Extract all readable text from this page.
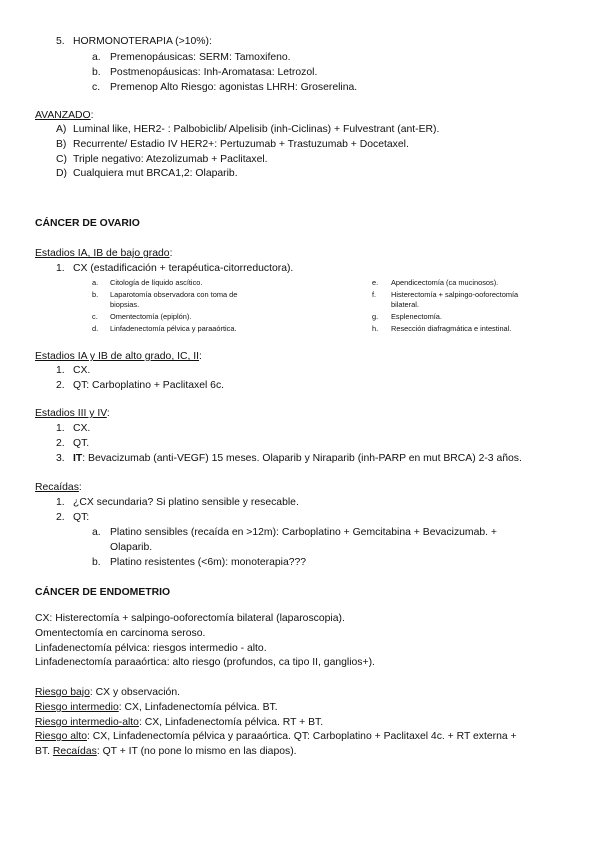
5. HORMONOTERAPIA (>10%):
a. Premenopáusicas: SERM: Tamoxifeno.
b. Postmenopáusicas: Inh-Aromatasa: Letrozol.
c. Premenop Alto Riesgo: agonistas LHRH: Groserelina.
AVANZADO:
A) Luminal like, HER2- : Palbobiclib/ Alpelisib (inh-Ciclinas) + Fulvestrant (ant-ER).
B) Recurrente/ Estadio IV HER2+: Pertuzumab + Trastuzumab + Docetaxel.
C) Triple negativo: Atezolizumab + Paclitaxel.
D) Cualquiera mut BRCA1,2: Olaparib.
CÁNCER DE OVARIO
Estadios IA, IB de bajo grado:
1. CX (estadificación + terapéutica-citorreductora).
a. Citología de líquido ascítico.
b. Laparotomía observadora con toma de
biopsias.
c. Omentectomía (epiplón).
d. Linfadenectomía pélvica y paraaórtica.
e. Apendicectomía (ca mucinosos).
f. Histerectomía + salpingo-ooforectomía
bilateral.
g. Esplenectomía.
h. Resección diafragmática e intestinal.
Estadios IA y IB de alto grado, IC, II:
1. CX.
2. QT: Carboplatino + Paclitaxel 6c.
Estadios III y IV:
1. CX.
2. QT.
3. IT: Bevacizumab (anti-VEGF) 15 meses. Olaparib y Niraparib (inh-PARP en mut BRCA) 2-3 años.
Recaídas:
1. ¿CX secundaria? Si platino sensible y resecable.
2. QT:
a. Platino sensibles (recaída en >12m): Carboplatino + Gemcitabina + Bevacizumab. +
Olaparib.
b. Platino resistentes (<6m): monoterapia???
CÁNCER DE ENDOMETRIO
CX: Histerectomía + salpingo-ooforectomía bilateral (laparoscopia).
Omentectomía en carcinoma seroso.
Linfadenectomía pélvica: riesgos intermedio - alto.
Linfadenectomía paraaórtica: alto riesgo (profundos, ca tipo II, ganglios+).
Riesgo bajo: CX y observación.
Riesgo intermedio: CX, Linfadenectomía pélvica. BT.
Riesgo intermedio-alto: CX, Linfadenectomía pélvica. RT + BT.
Riesgo alto: CX, Linfadenectomía pélvica y paraaórtica. QT: Carboplatino + Paclitaxel 4c. + RT externa +
BT. Recaídas: QT + IT (no pone lo mismo en las diapos).
